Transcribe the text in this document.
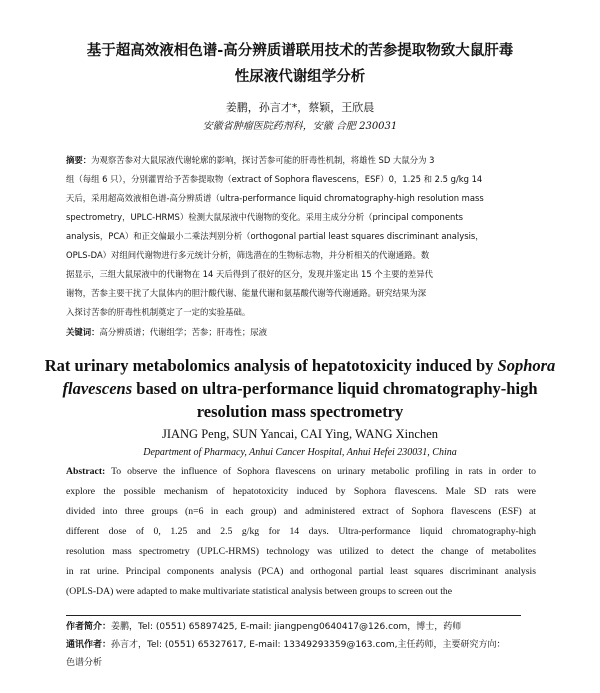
基于超高效液相色谱-高分辨质谱联用技术的苦参提取物致大鼠肝毒
性尿液代谢组学分析
姜鹏，孙言才*，蔡颖，王欣晨
安徽省肿瘤医院药剂科，安徽 合肥 230031
摘要：为观察苦参对大鼠尿液代谢轮廓的影响，探讨苦参可能的肝毒性机制，将雄性 SD 大鼠分为 3
组（每组 6 只），分别灌胃给予苦参提取物（extract of Sophora flavescens，ESF）0，1.25 和 2.5 g/kg 14
天后，采用超高效液相色谱-高分辨质谱（ultra-performance liquid chromatography-high resolution mass
spectrometry，UPLC-HRMS）检测大鼠尿液中代谢物的变化。采用主成分分析（principal components
analysis，PCA）和正交偏最小二乘法判别分析（orthogonal partial least squares discriminant analysis，
OPLS-DA）对组间代谢物进行多元统计分析，筛选潜在的生物标志物，并分析相关的代谢通路。数
据显示，三组大鼠尿液中的代谢物在 14 天后得到了很好的区分，发现并鉴定出 15 个主要的差异代
谢物，苦参主要干扰了大鼠体内的胆汁酸代谢、能量代谢和氨基酸代谢等代谢通路。研究结果为深
入探讨苦参的肝毒性机制奠定了一定的实验基础。
关键词：高分辨质谱；代谢组学；苦参；肝毒性；尿液
Rat urinary metabolomics analysis of hepatotoxicity induced by Sophora
flavescens based on ultra-performance liquid chromatography-high
resolution mass spectrometry
JIANG Peng, SUN Yancai, CAI Ying, WANG Xinchen
Department of Pharmacy, Anhui Cancer Hospital, Anhui Hefei 230031, China
Abstract: To observe the influence of Sophora flavescens on urinary metabolic profiling in rats in order to
explore the possible mechanism of hepatotoxicity induced by Sophora flavescens. Male SD rats were
divided into three groups (n=6 in each group) and administered extract of Sophora flavescens (ESF) at
different dose of 0, 1.25 and 2.5 g/kg for 14 days. Ultra-performance liquid chromatography-high
resolution mass spectrometry (UPLC-HRMS) technology was utilized to detect the change of metabolites
in rat urine. Principal components analysis (PCA) and orthogonal partial least squares discriminant analysis
(OPLS-DA) were adapted to make multivariate statistical analysis between groups to screen out the
作者简介：姜鹏，Tel: (0551) 65897425, E-mail: jiangpeng0640417@126.com，博士，药师
通讯作者：孙言才，Tel: (0551) 65327617, E-mail: 13349293359@163.com,主任药师，主要研究方向：
色谱分析
